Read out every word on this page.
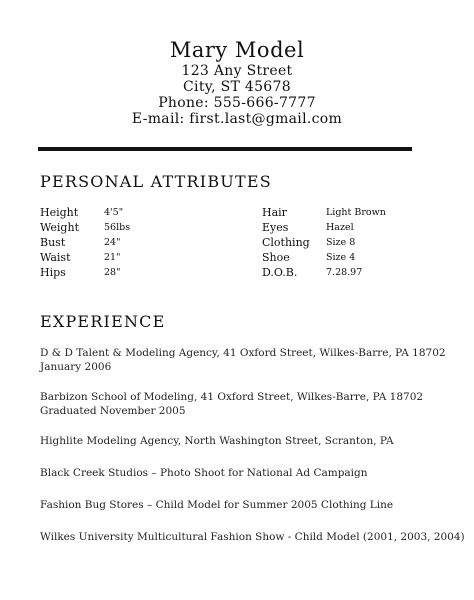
Mary Model
123 Any Street
City, ST 45678
Phone: 555-666-7777
E-mail: first.last@gmail.com
PERSONAL ATTRIBUTES
Height	4'5"
Weight	56lbs
Bust	24"
Waist	21"
Hips	28"
Hair	Light Brown
Eyes	Hazel
Clothing Size 8
Shoe	Size 4
D.O.B.	7.28.97
EXPERIENCE
D & D Talent & Modeling Agency, 41 Oxford Street, Wilkes-Barre, PA 18702
January 2006
Barbizon School of Modeling, 41 Oxford Street, Wilkes-Barre, PA 18702
Graduated November 2005
Highlite Modeling Agency, North Washington Street, Scranton, PA
Black Creek Studios – Photo Shoot for National Ad Campaign
Fashion Bug Stores – Child Model for Summer 2005 Clothing Line
Wilkes University Multicultural Fashion Show - Child Model (2001, 2003, 2004)
